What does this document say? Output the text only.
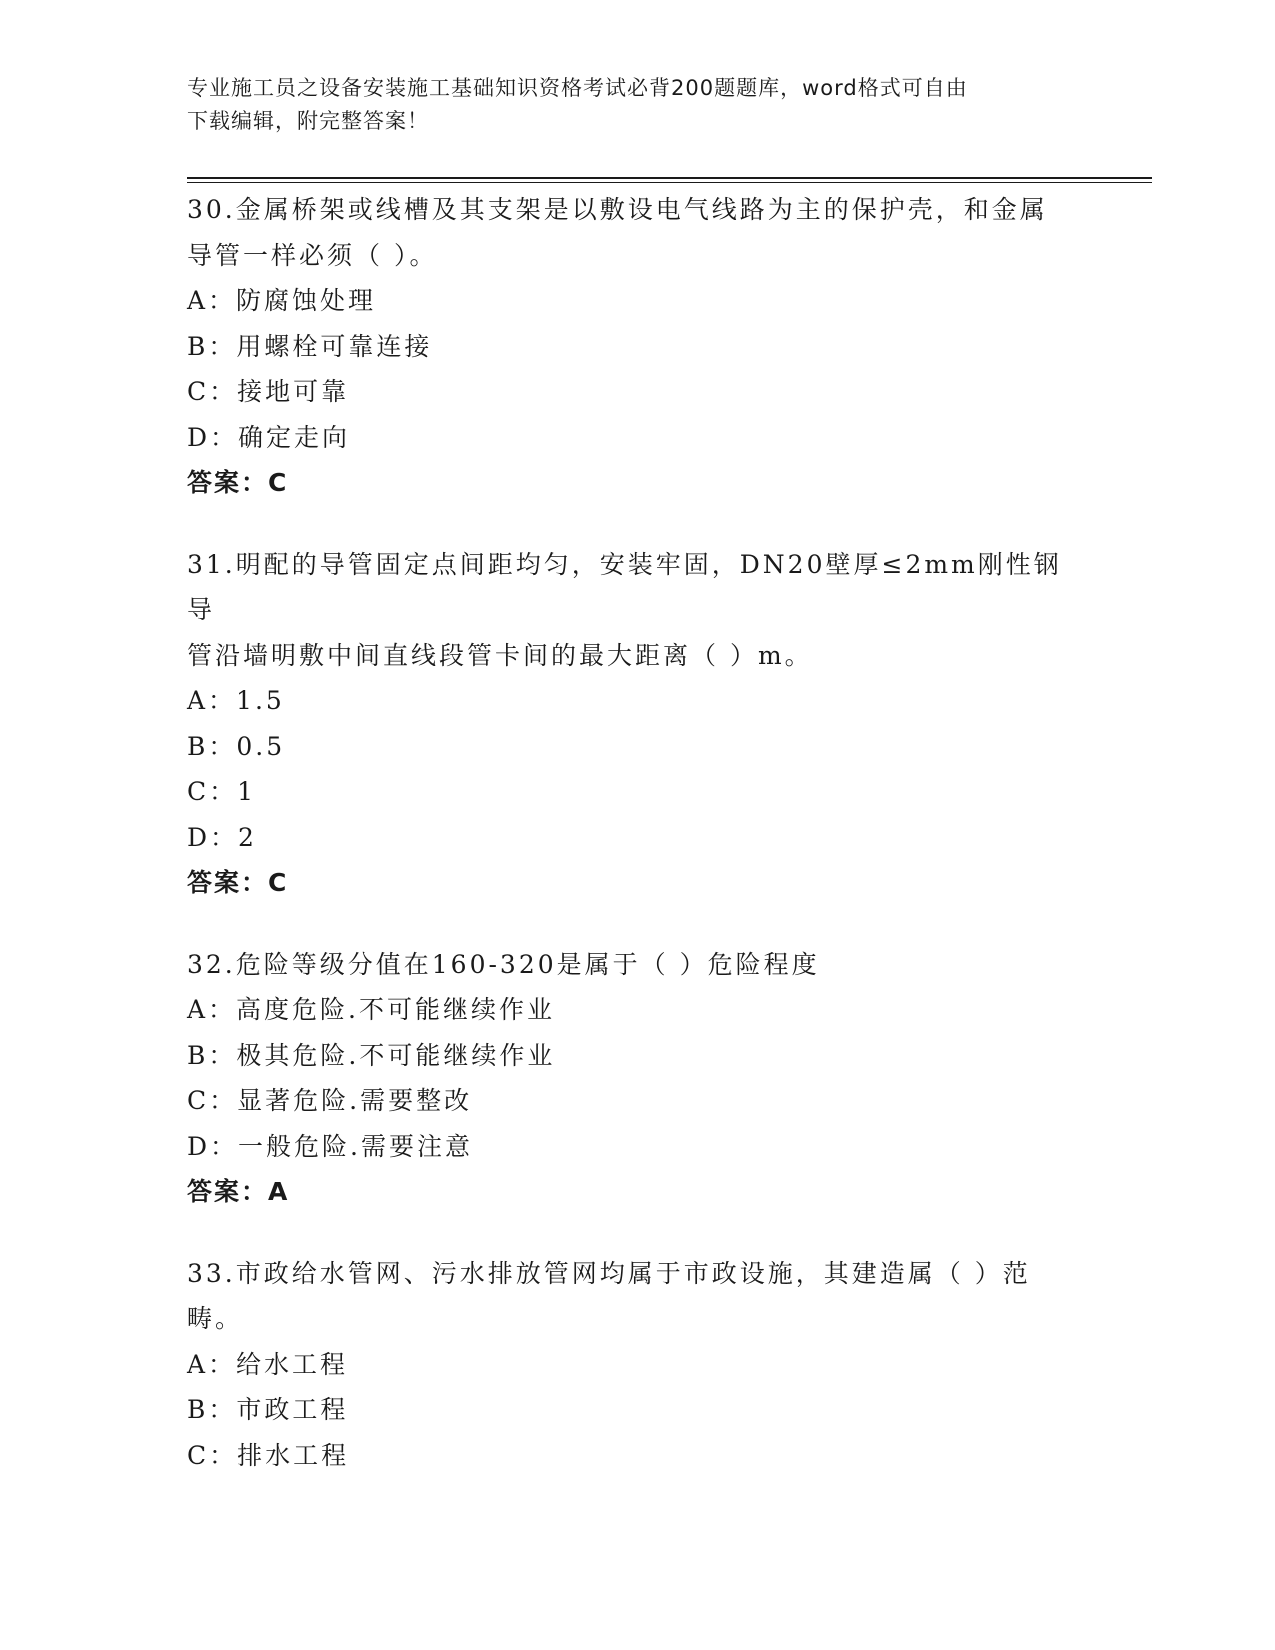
专业施工员之设备安装施工基础知识资格考试必背200题题库，word格式可自由
下载编辑，附完整答案！
30.金属桥架或线槽及其支架是以敷设电气线路为主的保护壳，和金属
导管一样必须（ ）。
A：防腐蚀处理
B：用螺栓可靠连接
C：接地可靠
D：确定走向
答案：C
31.明配的导管固定点间距均匀，安装牢固，DN20壁厚≤2mm刚性钢导
管沿墙明敷中间直线段管卡间的最大距离（ ）m。
A：1.5
B：0.5
C：1
D：2
答案：C
32.危险等级分值在160-320是属于（ ）危险程度
A：高度危险.不可能继续作业
B：极其危险.不可能继续作业
C：显著危险.需要整改
D：一般危险.需要注意
答案：A
33.市政给水管网、污水排放管网均属于市政设施，其建造属（ ）范
畴。
A：给水工程
B：市政工程
C：排水工程
